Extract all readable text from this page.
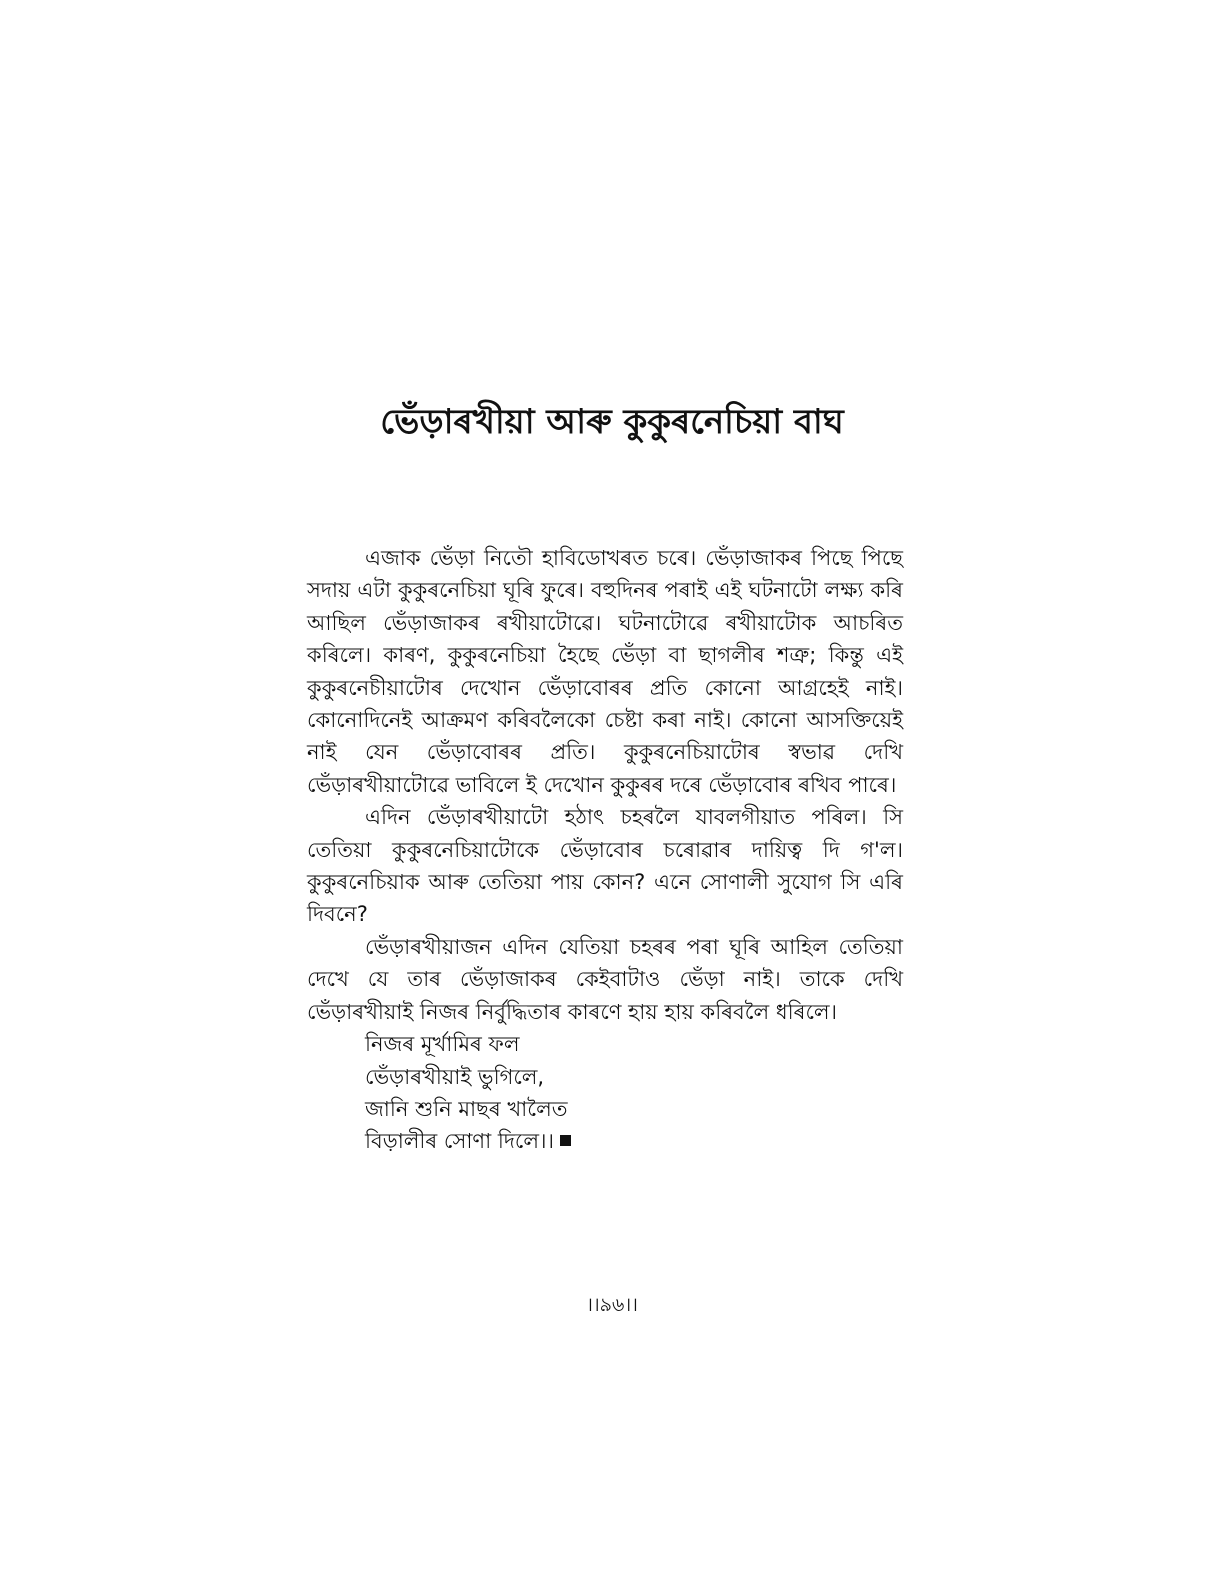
ভেঁড়াৰখীয়া আৰু কুকুৰনেচিয়া বাঘ

এজাক ভেঁড়া নিতৌ হাবিডোখৰত চৰে। ভেঁড়াজাকৰ পিছে পিছে সদায় এটা কুকুৰনেচিয়া ঘূৰি ফুৰে। বহুদিনৰ পৰাই এই ঘটনাটো লক্ষ্য কৰি আছিল ভেঁড়াজাকৰ ৰখীয়াটোৱে। ঘটনাটোৱে ৰখীয়াটোক আচৰিত কৰিলে। কাৰণ, কুকুৰনেচিয়া হৈছে ভেঁড়া বা ছাগলীৰ শত্ৰু; কিন্তু এই কুকুৰনেচীয়াটোৰ দেখোন ভেঁড়াবোৰৰ প্ৰতি কোনো আগ্ৰহেই নাই। কোনোদিনেই আক্ৰমণ কৰিবলৈকো চেষ্টা কৰা নাই। কোনো আসক্তিয়েই নাই যেন ভেঁড়াবোৰৰ প্ৰতি। কুকুৰনেচিয়াটোৰ স্বভাৱ দেখি ভেঁড়াৰখীয়াটোৱে ভাবিলে ই দেখোন কুকুৰৰ দৰে ভেঁড়াবোৰ ৰখিব পাৰে।

এদিন ভেঁড়াৰখীয়াটো হঠাৎ চহৰলৈ যাবলগীয়াত পৰিল। সি তেতিয়া কুকুৰনেচিয়াটোকে ভেঁড়াবোৰ চৰোৱাৰ দায়িত্ব দি গ'ল। কুকুৰনেচিয়াক আৰু তেতিয়া পায় কোন? এনে সোণালী সুযোগ সি এৰি দিবনে?

ভেঁড়াৰখীয়াজন এদিন যেতিয়া চহৰৰ পৰা ঘূৰি আহিল তেতিয়া দেখে যে তাৰ ভেঁড়াজাকৰ কেইবাটাও ভেঁড়া নাই। তাকে দেখি ভেঁড়াৰখীয়াই নিজৰ নিৰ্বুদ্ধিতাৰ কাৰণে হায় হায় কৰিবলৈ ধৰিলে।

নিজৰ মূৰ্খামিৰ ফল
ভেঁড়াৰখীয়াই ভুগিলে,
জানি শুনি মাছৰ খালৈত
বিড়ালীৰ সোণা দিলে।।
।।৯৬।।
